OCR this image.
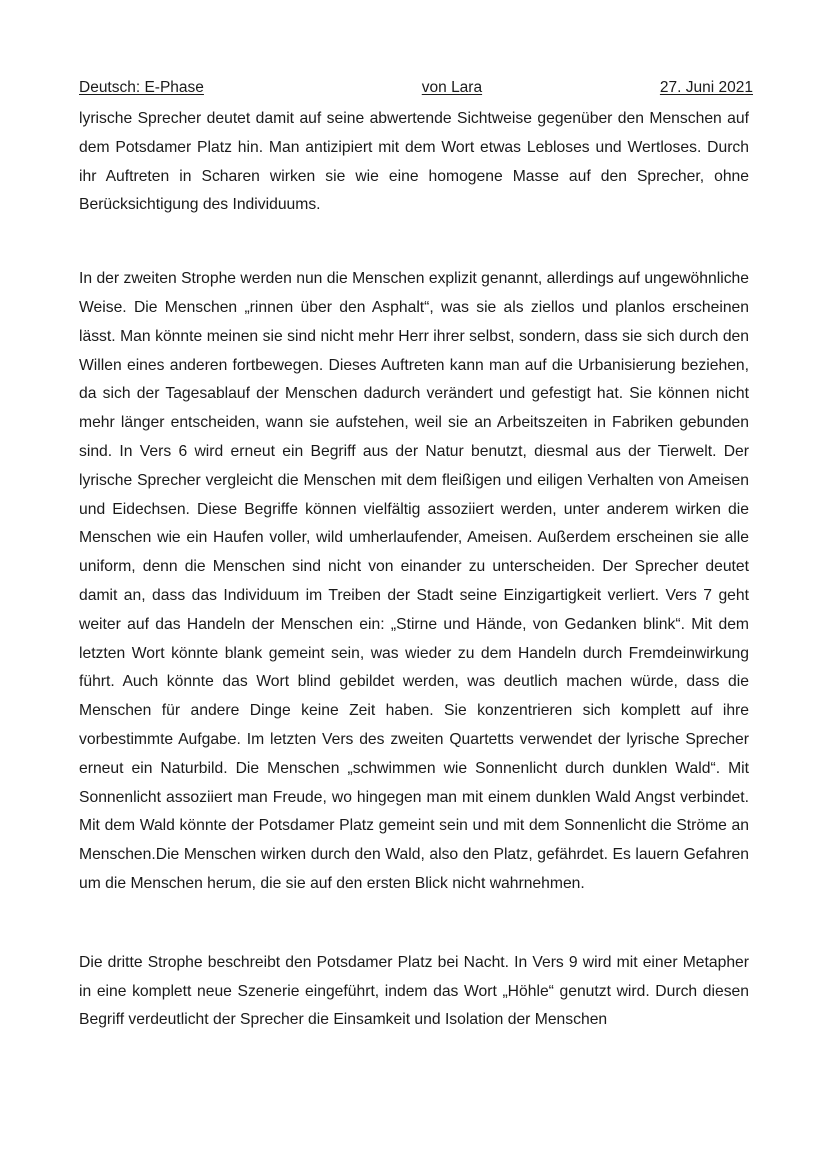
Deutsch: E-Phase	von Lara	27. Juni 2021

lyrische Sprecher deutet damit auf seine abwertende Sichtweise gegenüber den Menschen auf dem Potsdamer Platz hin. Man antizipiert mit dem Wort etwas Lebloses und Wertloses. Durch ihr Auftreten in Scharen wirken sie wie eine homogene Masse auf den Sprecher, ohne Berücksichtigung des Individuums.

In der zweiten Strophe werden nun die Menschen explizit genannt, allerdings auf ungewöhnliche Weise. Die Menschen „rinnen über den Asphalt“, was sie als ziellos und planlos erscheinen lässt. Man könnte meinen sie sind nicht mehr Herr ihrer selbst, sondern, dass sie sich durch den Willen eines anderen fortbewegen. Dieses Auftreten kann man auf die Urbanisierung beziehen, da sich der Tagesablauf der Menschen dadurch verändert und gefestigt hat. Sie können nicht mehr länger entscheiden, wann sie aufstehen, weil sie an Arbeitszeiten in Fabriken gebunden sind. In Vers 6 wird erneut ein Begriff aus der Natur benutzt, diesmal aus der Tierwelt. Der lyrische Sprecher vergleicht die Menschen mit dem fleißigen und eiligen Verhalten von Ameisen und Eidechsen. Diese Begriffe können vielfältig assoziiert werden, unter anderem wirken die Menschen wie ein Haufen voller, wild umherlaufender, Ameisen. Außerdem erscheinen sie alle uniform, denn die Menschen sind nicht von einander zu unterscheiden. Der Sprecher deutet damit an, dass das Individuum im Treiben der Stadt seine Einzigartigkeit verliert. Vers 7 geht weiter auf das Handeln der Menschen ein: „Stirne und Hände, von Gedanken blink“. Mit dem letzten Wort könnte blank gemeint sein, was wieder zu dem Handeln durch Fremdeinwirkung führt. Auch könnte das Wort blind gebildet werden, was deutlich machen würde, dass die Menschen für andere Dinge keine Zeit haben. Sie konzentrieren sich komplett auf ihre vorbestimmte Aufgabe. Im letzten Vers des zweiten Quartetts verwendet der lyrische Sprecher erneut ein Naturbild. Die Menschen „schwimmen wie Sonnenlicht durch dunklen Wald“. Mit Sonnenlicht assoziiert man Freude, wo hingegen man mit einem dunklen Wald Angst verbindet. Mit dem Wald könnte der Potsdamer Platz gemeint sein und mit dem Sonnenlicht die Ströme an Menschen.Die Menschen wirken durch den Wald, also den Platz, gefährdet. Es lauern Gefahren um die Menschen herum, die sie auf den ersten Blick nicht wahrnehmen.

Die dritte Strophe beschreibt den Potsdamer Platz bei Nacht. In Vers 9 wird mit einer Metapher in eine komplett neue Szenerie eingeführt, indem das Wort „Höhle“ genutzt wird. Durch diesen Begriff verdeutlicht der Sprecher die Einsamkeit und Isolation der Menschen
